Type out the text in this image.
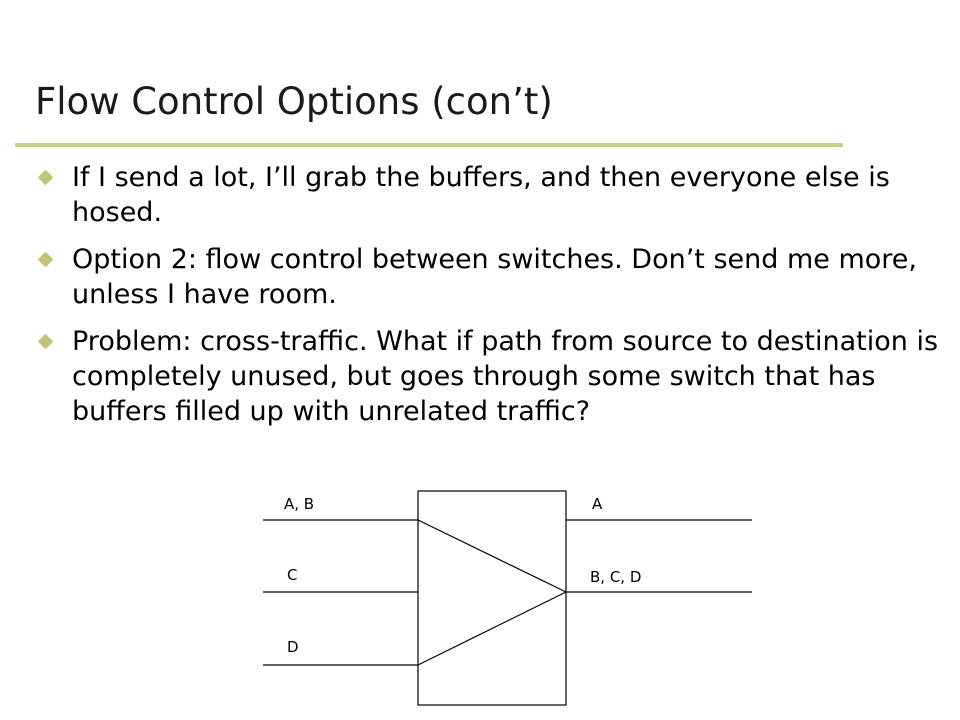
Flow Control Options (con’t)
If I send a lot, I’ll grab the buffers, and then everyone else is hosed.
Option 2: flow control between switches. Don’t send me more, unless I have room.
Problem: cross-traffic. What if path from source to destination is completely unused, but goes through some switch that has buffers filled up with unrelated traffic?
A, B
C
D
A
B, C, D
